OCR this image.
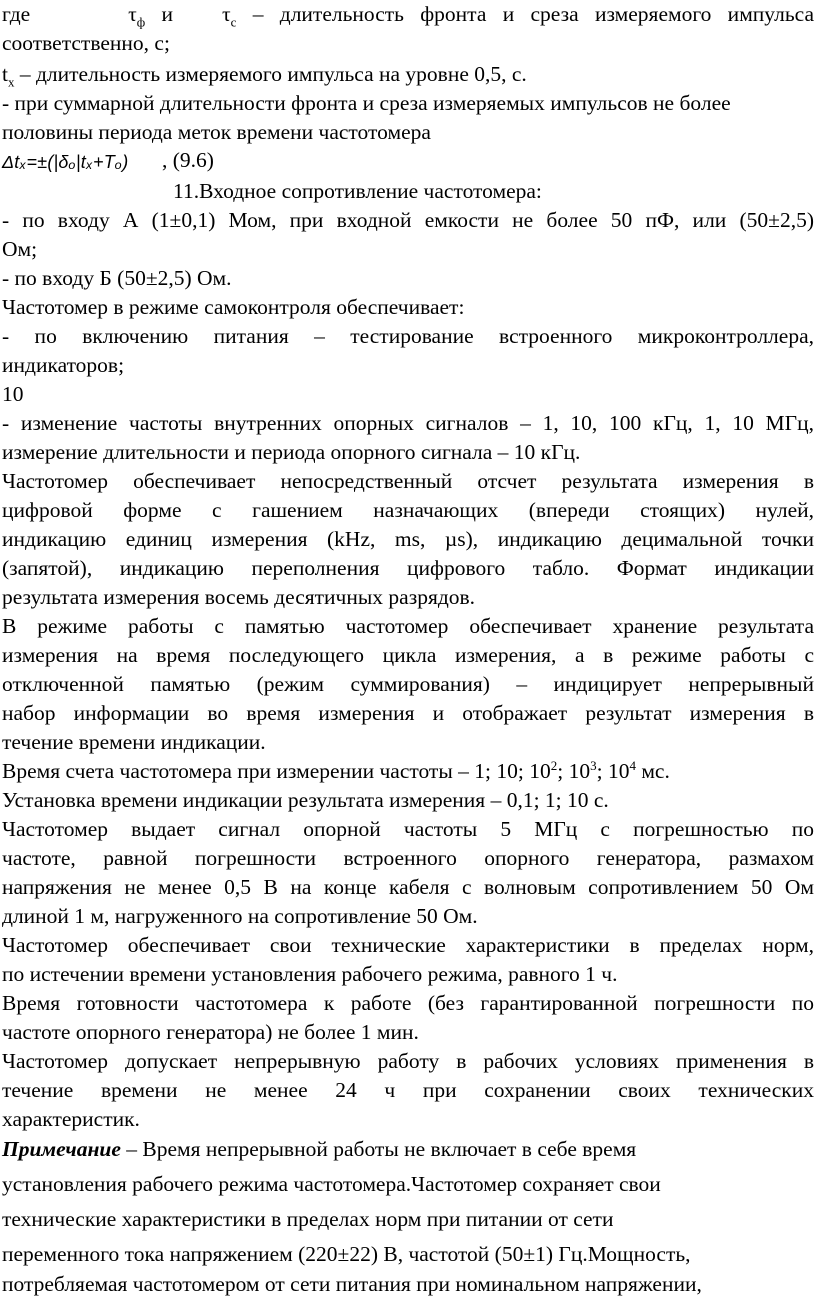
где	$\tau_ф$ и   $\tau_c$ – длительность фронта и среза измеряемого импульса
соответственно, с;
$t_x$ – длительность измеряемого импульса на уровне 0,5, с.
- при суммарной длительности фронта и среза измеряемых импульсов не более
половины периода меток времени частотомера
Δtₓ=±(|δₒ|tₓ+Tₒ) , (9.6)
11.Входное сопротивление частотомера:
- по входу А (1±0,1) Мом, при входной емкости не более 50 пФ, или (50±2,5)
Ом;
- по входу Б (50±2,5) Ом.
Частотомер в режиме самоконтроля обеспечивает:
- по включению питания – тестирование встроенного микроконтроллера,
индикаторов;
10
- изменение частоты внутренних опорных сигналов – 1, 10, 100 кГц, 1, 10 МГц,
измерение длительности и периода опорного сигнала – 10 кГц.
Частотомер обеспечивает непосредственный отсчет результата измерения в
цифровой форме с гашением назначающих (впереди стоящих) нулей,
индикацию единиц измерения (kHz, ms, µs), индикацию децимальной точки
(запятой), индикацию переполнения цифрового табло. Формат индикации
результата измерения восемь десятичных разрядов.
В режиме работы с памятью частотомер обеспечивает хранение результата
измерения на время последующего цикла измерения, а в режиме работы с
отключенной памятью (режим суммирования) – индицирует непрерывный
набор информации во время измерения и отображает результат измерения в
течение времени индикации.
Время счета частотомера при измерении частоты – 1; 10; $10^2$; $10^3$; $10^4$ мс.
Установка времени индикации результата измерения – 0,1; 1; 10 с.
Частотомер выдает сигнал опорной частоты 5 МГц с погрешностью по
частоте, равной погрешности встроенного опорного генератора, размахом
напряжения не менее 0,5 В на конце кабеля с волновым сопротивлением 50 Ом
длиной 1 м, нагруженного на сопротивление 50 Ом.
Частотомер обеспечивает свои технические характеристики в пределах норм,
по истечении времени установления рабочего режима, равного 1 ч.
Время готовности частотомера к работе (без гарантированной погрешности по
частоте опорного генератора) не более 1 мин.
Частотомер допускает непрерывную работу в рабочих условиях применения в
течение времени не менее 24 ч при сохранении своих технических
характеристик.
Примечание – Время непрерывной работы не включает в себе время
установления рабочего режима частотомера.Частотомер сохраняет свои
технические характеристики в пределах норм при питании от сети
переменного тока напряжением (220±22) В, частотой (50±1) Гц.Мощность,
потребляемая частотомером от сети питания при номинальном напряжении,
